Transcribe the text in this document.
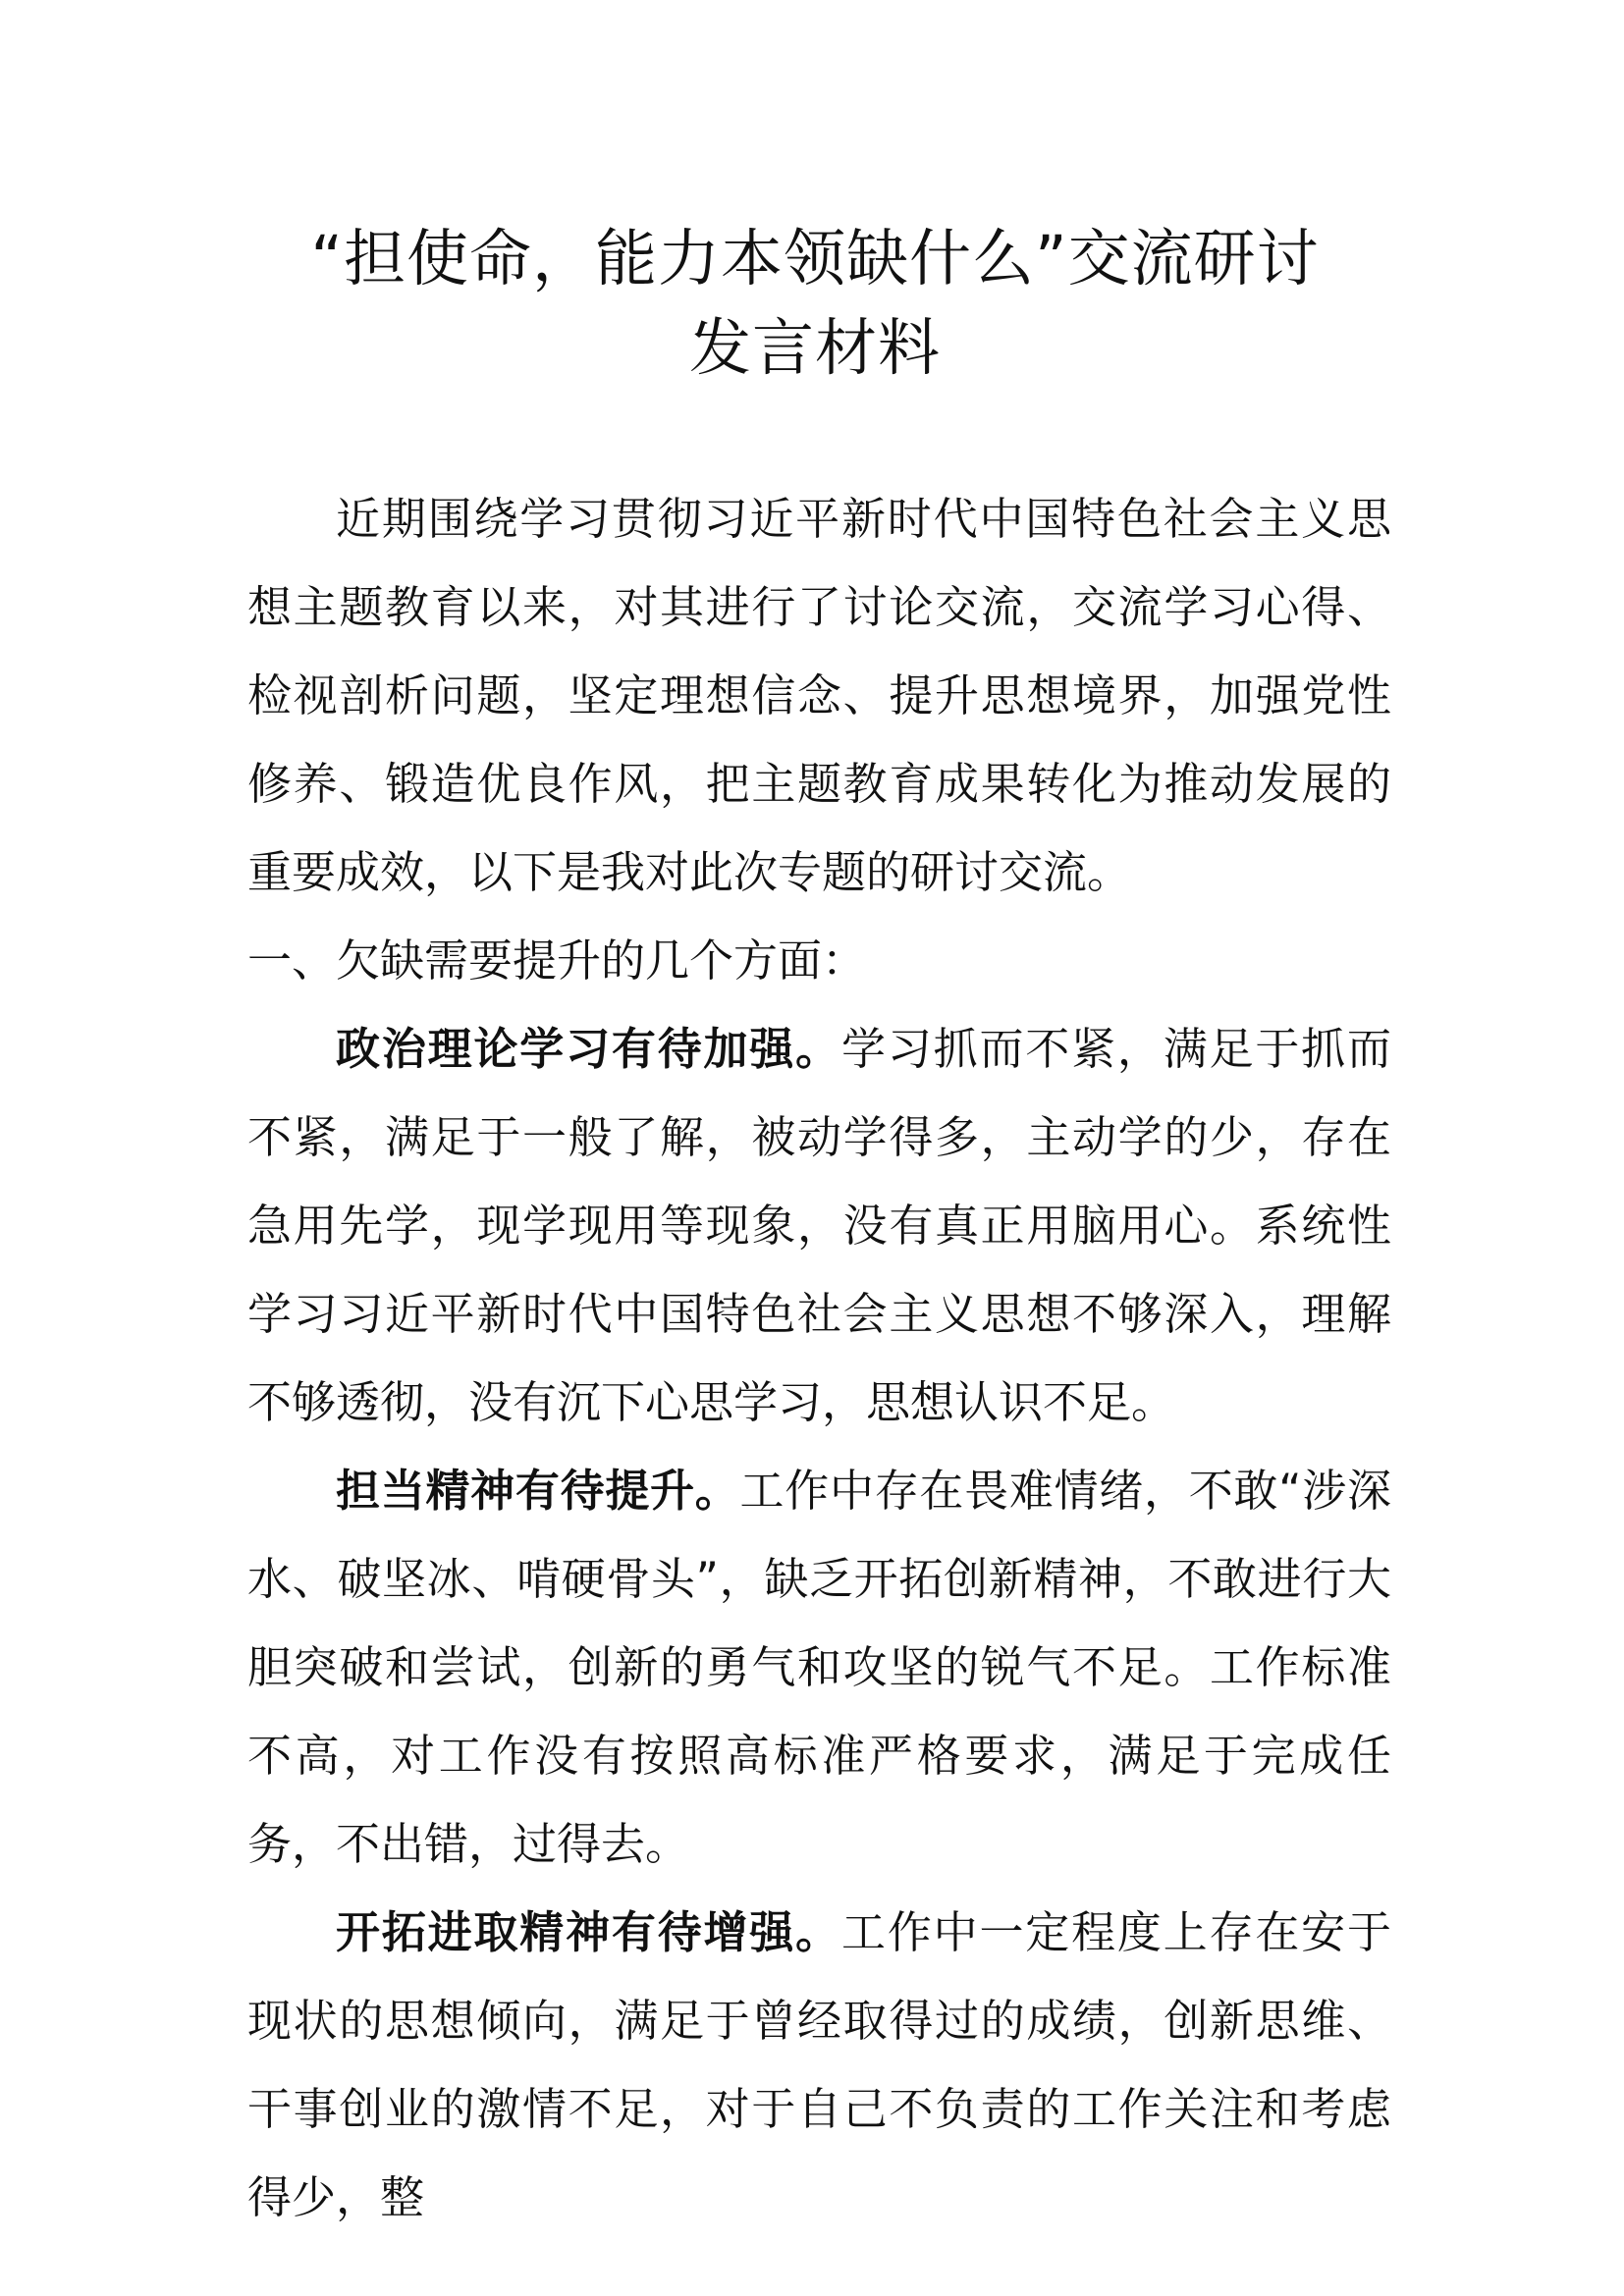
“担使命，能力本领缺什么”交流研讨
发言材料

近期围绕学习贯彻习近平新时代中国特色社会主义思想主题教育以来，对其进行了讨论交流，交流学习心得、检视剖析问题，坚定理想信念、提升思想境界，加强党性修养、锻造优良作风，把主题教育成果转化为推动发展的重要成效，以下是我对此次专题的研讨交流。

一、欠缺需要提升的几个方面：

政治理论学习有待加强。学习抓而不紧，满足于抓而不紧，满足于一般了解，被动学得多，主动学的少，存在急用先学，现学现用等现象，没有真正用脑用心。系统性学习习近平新时代中国特色社会主义思想不够深入，理解不够透彻，没有沉下心思学习，思想认识不足。

担当精神有待提升。工作中存在畏难情绪，不敢“涉深水、破坚冰、啃硬骨头”，缺乏开拓创新精神，不敢进行大胆突破和尝试，创新的勇气和攻坚的锐气不足。工作标准不高，对工作没有按照高标准严格要求，满足于完成任务，不出错，过得去。

开拓进取精神有待增强。工作中一定程度上存在安于现状的思想倾向，满足于曾经取得过的成绩，创新思维、干事创业的激情不足，对于自己不负责的工作关注和考虑得少，整
